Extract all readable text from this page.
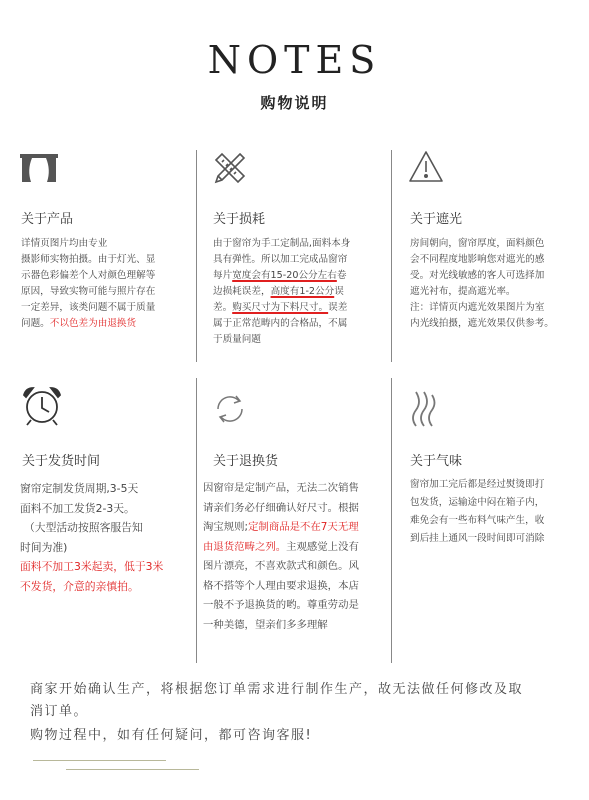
NOTES
购物说明
关于产品
详情页图片均由专业
摄影师实物拍摄。由于灯光、显
示器色彩偏差个人对颜色理解等
原因，导致实物可能与照片存在
一定差异，该类问题不属于质量
问题。不以色差为由退换货
关于损耗
由于窗帘为手工定制品,面料本身
具有弹性。所以加工完成品窗帘
每片宽度会有15-20公分左右卷
边损耗误差，高度有1-2公分误
差。购买尺寸为下料尺寸。误差
属于正常范畴内的合格品，不属
于质量问题
关于遮光
房间朝向，窗帘厚度，面料颜色
会不同程度地影响您对遮光的感
受。对光线敏感的客人可选择加
遮光衬布，提高遮光率。
注：详情页内遮光效果图片为室
内光线拍摄，遮光效果仅供参考。
关于发货时间
窗帘定制发货周期,3-5天
面料不加工发货2-3天。
（大型活动按照客服告知
时间为准)
面料不加工3米起卖，低于3米
不发货，介意的亲慎拍。
关于退换货
因窗帘是定制产品，无法二次销售
请亲们务必仔细确认好尺寸。根据
淘宝规则;定制商品是不在7天无理
由退货范畴之列。主观感觉上没有
图片漂亮，不喜欢款式和颜色。风
格不搭等个人理由要求退换，本店
一般不予退换货的哟。尊重劳动是
一种美德，望亲们多多理解
关于气味
窗帘加工完后都是经过熨烫即打
包发货，运输途中闷在箱子内，
难免会有一些布料气味产生，收
到后挂上通风一段时间即可消除
商家开始确认生产，将根据您订单需求进行制作生产，故无法做任何修改及取
消订单。
购物过程中，如有任何疑问，都可咨询客服!
